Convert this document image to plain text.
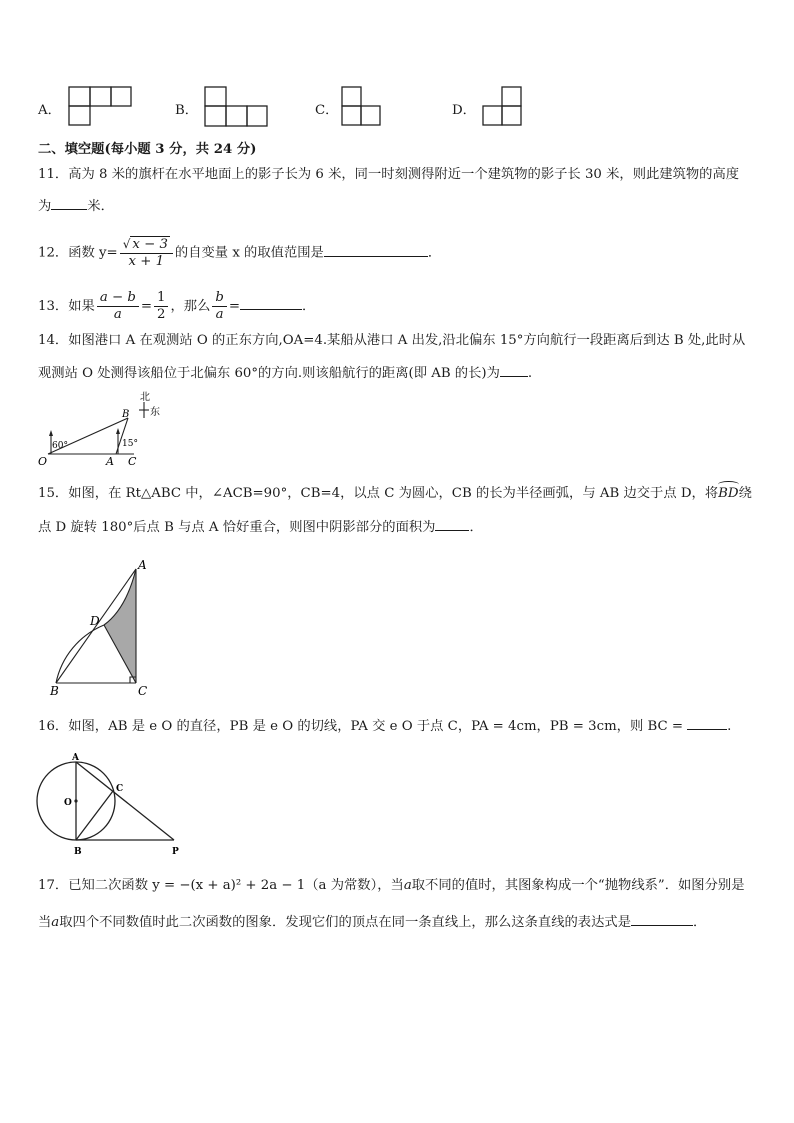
A．	B．	C．	D．
二、填空题(每小题 3 分，共 24 分)
11．高为 8 米的旗杆在水平地面上的影子长为 6 米，同一时刻测得附近一个建筑物的影子长 30 米，则此建筑物的高度
为	米．
12．函数 $y= \frac{√ x - 3}{x + 1}$ 的自变量 x 的取值范围是	．
13．如果 $\frac{a - b}{a} = \frac{1}{2}$ ，那么 $\frac{b}{a}$ =	．
14．如图港口 A 在观测站 O 的正东方向,OA=4.某船从港口 A 出发,沿北偏东 15°方向航行一段距离后到达 B 处,此时从
观测站 O 处测得该船位于北偏东 60°的方向.则该船航行的距离(即 AB 的长)为 .
北
东
B
60°	15°
O	A C
15．如图，在 Rt△ABC 中，∠ACB=90°，CB=4，以点 C 为圆心，CB 的长为半径画弧，与 AB 边交于点 D，将BD绕
点 D 旋转 180°后点 B 与点 A 恰好重合，则图中阴影部分的面积为	．
A
D
B	C
16．如图，AB 是 e O 的直径，PB 是 e O 的切线，PA 交 e O 于点 C，PA = 4cm，PB = 3cm，则 BC =	.
A
O
C
B	P
17．已知二次函数 y = −(x + a)² + 2a − 1（a 为常数），当a取不同的值时，其图象构成一个“抛物线系”．如图分别是
当a取四个不同数值时此二次函数的图象．发现它们的顶点在同一条直线上，那么这条直线的表达式是	．
